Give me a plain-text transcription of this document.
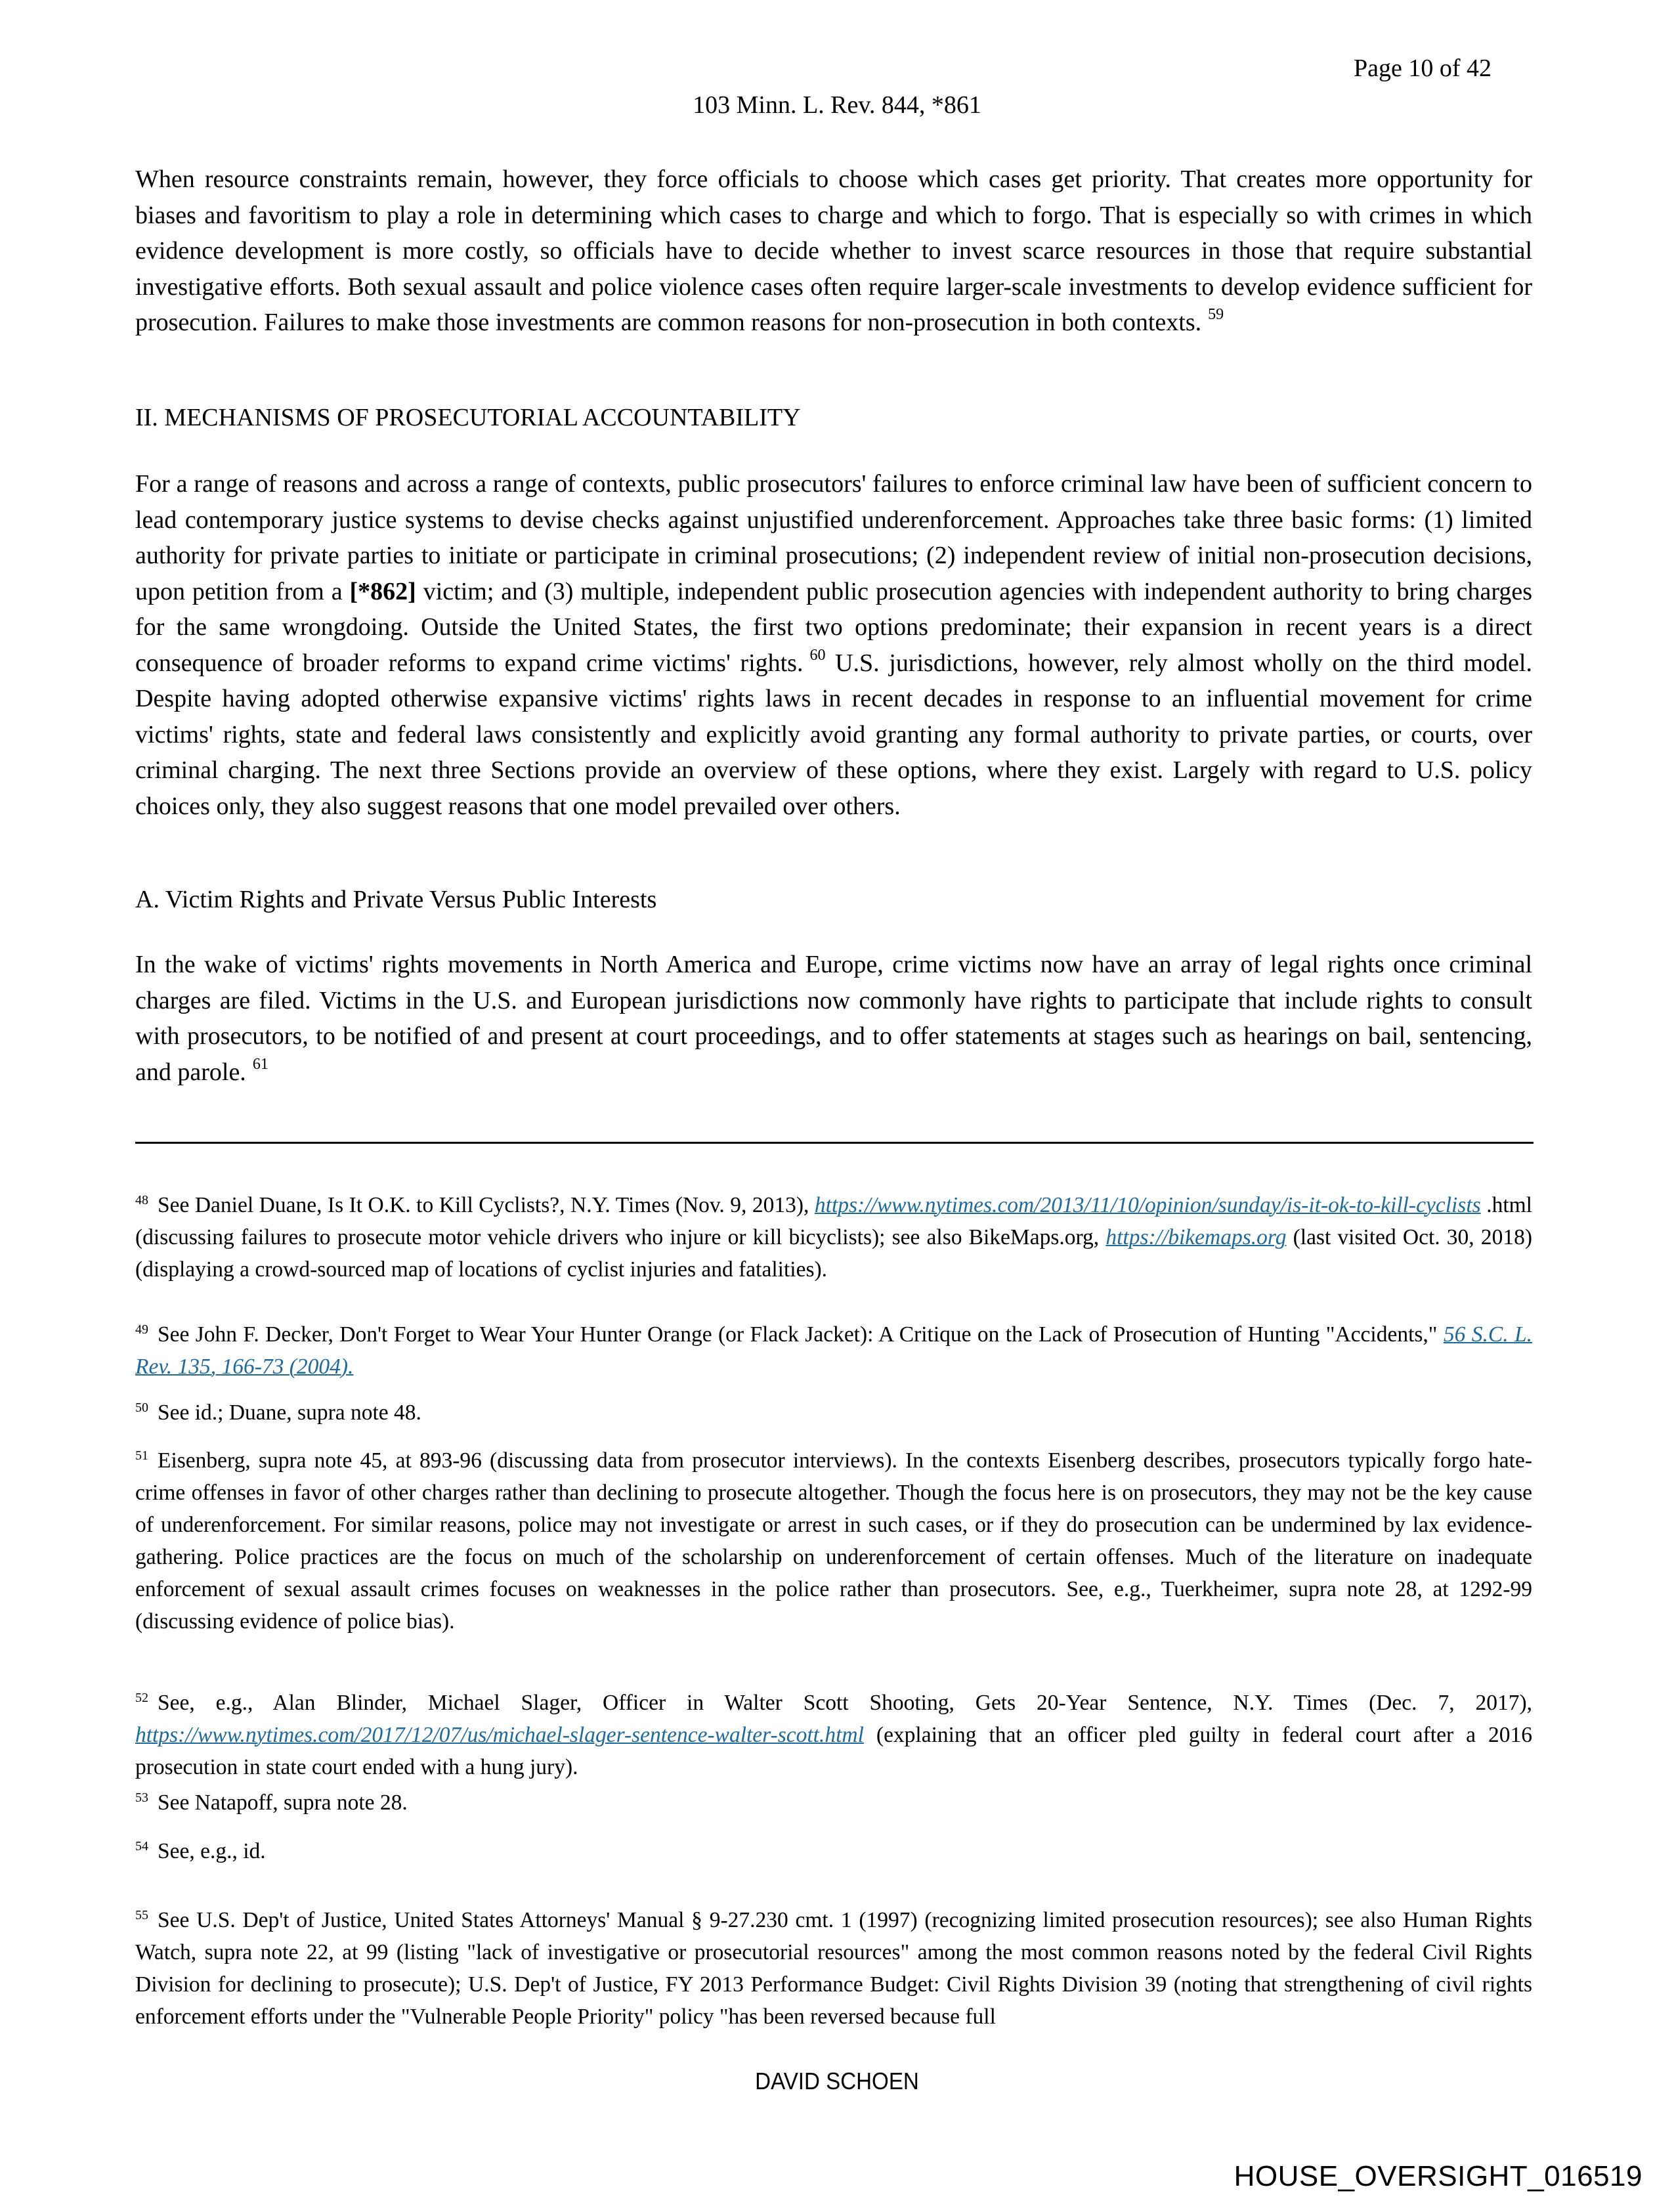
Page 10 of 42
103 Minn. L. Rev. 844, *861

When resource constraints remain, however, they force officials to choose which cases get priority. That creates more opportunity for biases and favoritism to play a role in determining which cases to charge and which to forgo. That is especially so with crimes in which evidence development is more costly, so officials have to decide whether to invest scarce resources in those that require substantial investigative efforts. Both sexual assault and police violence cases often require larger-scale investments to develop evidence sufficient for prosecution. Failures to make those investments are common reasons for non-prosecution in both contexts. $^{59}$

II. MECHANISMS OF PROSECUTORIAL ACCOUNTABILITY

For a range of reasons and across a range of contexts, public prosecutors' failures to enforce criminal law have been of sufficient concern to lead contemporary justice systems to devise checks against unjustified underenforcement. Approaches take three basic forms: (1) limited authority for private parties to initiate or participate in criminal prosecutions; (2) independent review of initial non-prosecution decisions, upon petition from a [*862] victim; and (3) multiple, independent public prosecution agencies with independent authority to bring charges for the same wrongdoing. Outside the United States, the first two options predominate; their expansion in recent years is a direct consequence of broader reforms to expand crime victims' rights. $^{60}$ U.S. jurisdictions, however, rely almost wholly on the third model. Despite having adopted otherwise expansive victims' rights laws in recent decades in response to an influential movement for crime victims' rights, state and federal laws consistently and explicitly avoid granting any formal authority to private parties, or courts, over criminal charging. The next three Sections provide an overview of these options, where they exist. Largely with regard to U.S. policy choices only, they also suggest reasons that one model prevailed over others.

A. Victim Rights and Private Versus Public Interests

In the wake of victims' rights movements in North America and Europe, crime victims now have an array of legal rights once criminal charges are filed. Victims in the U.S. and European jurisdictions now commonly have rights to participate that include rights to consult with prosecutors, to be notified of and present at court proceedings, and to offer statements at stages such as hearings on bail, sentencing, and parole. $^{61}$

$^{48}$ See Daniel Duane, Is It O.K. to Kill Cyclists?, N.Y. Times (Nov. 9, 2013), https://www.nytimes.com/2013/11/10/opinion/sunday/is-it-ok-to-kill-cyclists .html (discussing failures to prosecute motor vehicle drivers who injure or kill bicyclists); see also BikeMaps.org, https://bikemaps.org (last visited Oct. 30, 2018) (displaying a crowd-sourced map of locations of cyclist injuries and fatalities).
$^{49}$ See John F. Decker, Don't Forget to Wear Your Hunter Orange (or Flack Jacket): A Critique on the Lack of Prosecution of Hunting "Accidents," 56 S.C. L. Rev. 135, 166-73 (2004).
$^{50}$ See id.; Duane, supra note 48.
$^{51}$ Eisenberg, supra note 45, at 893-96 (discussing data from prosecutor interviews). In the contexts Eisenberg describes, prosecutors typically forgo hate-crime offenses in favor of other charges rather than declining to prosecute altogether. Though the focus here is on prosecutors, they may not be the key cause of underenforcement. For similar reasons, police may not investigate or arrest in such cases, or if they do prosecution can be undermined by lax evidence-gathering. Police practices are the focus on much of the scholarship on underenforcement of certain offenses. Much of the literature on inadequate enforcement of sexual assault crimes focuses on weaknesses in the police rather than prosecutors. See, e.g., Tuerkheimer, supra note 28, at 1292-99 (discussing evidence of police bias).
$^{52}$ See, e.g., Alan Blinder, Michael Slager, Officer in Walter Scott Shooting, Gets 20-Year Sentence, N.Y. Times (Dec. 7, 2017), https://www.nytimes.com/2017/12/07/us/michael-slager-sentence-walter-scott.html (explaining that an officer pled guilty in federal court after a 2016 prosecution in state court ended with a hung jury).
$^{53}$ See Natapoff, supra note 28.
$^{54}$ See, e.g., id.
$^{55}$ See U.S. Dep't of Justice, United States Attorneys' Manual § 9-27.230 cmt. 1 (1997) (recognizing limited prosecution resources); see also Human Rights Watch, supra note 22, at 99 (listing "lack of investigative or prosecutorial resources" among the most common reasons noted by the federal Civil Rights Division for declining to prosecute); U.S. Dep't of Justice, FY 2013 Performance Budget: Civil Rights Division 39 (noting that strengthening of civil rights enforcement efforts under the "Vulnerable People Priority" policy "has been reversed because full
DAVID SCHOEN
HOUSE_OVERSIGHT_016519
